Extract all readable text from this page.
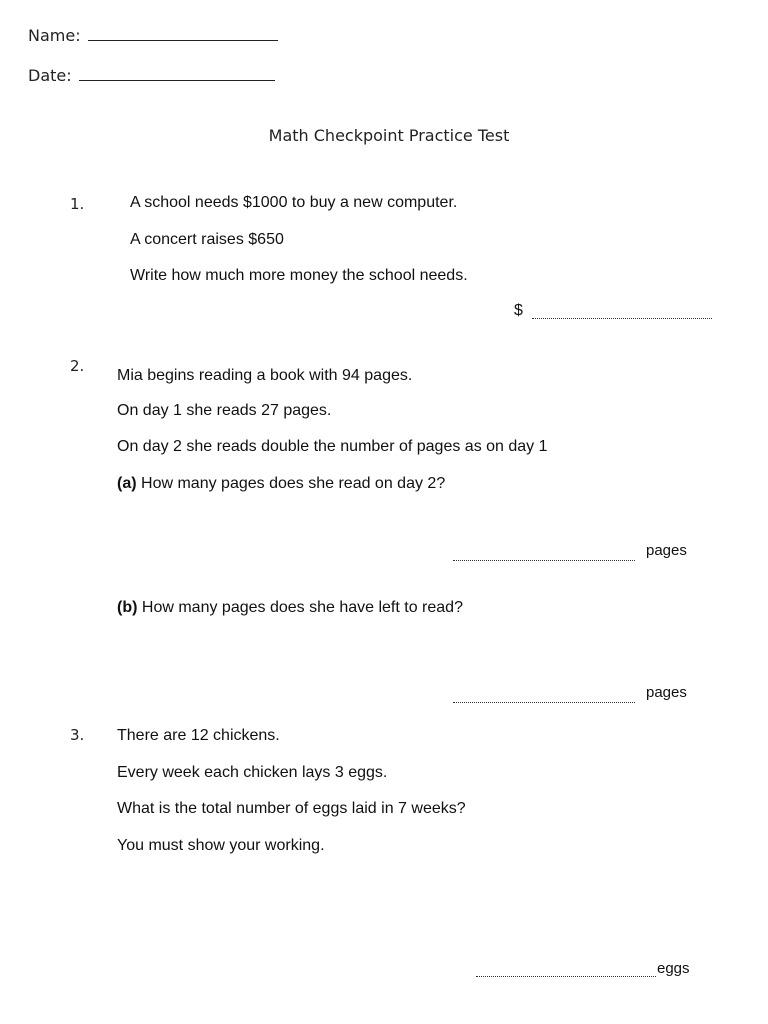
Name:
Date:
Math Checkpoint Practice Test
1.	A school needs $1000 to buy a new computer.
A concert raises $650
Write how much more money the school needs.
$
2.
Mia begins reading a book with 94 pages.
On day 1 she reads 27 pages.
On day 2 she reads double the number of pages as on day 1
(a) How many pages does she read on day 2?
pages
(b) How many pages does she have left to read?
pages
3. There are 12 chickens.
Every week each chicken lays 3 eggs.
What is the total number of eggs laid in 7 weeks?
You must show your working.
eggs
